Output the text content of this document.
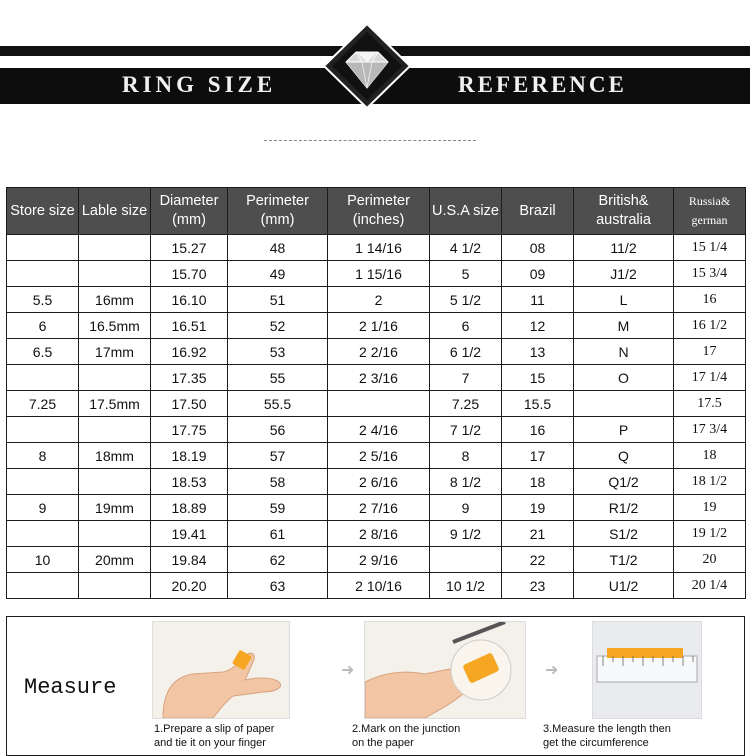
RING SIZE	REFERENCE
Store size	Lable size	Diameter (mm)	Perimeter (mm)	Perimeter (inches)	U.S.A size	Brazil	British& australia	Russia& german
		15.27	48	1 14/16	4 1/2	08	11/2	15 1/4
		15.70	49	1 15/16	5	09	J1/2	15 3/4
5.5	16mm	16.10	51	2	5 1/2	11	L	16
6	16.5mm	16.51	52	2 1/16	6	12	M	16 1/2
6.5	17mm	16.92	53	2 2/16	6 1/2	13	N	17
		17.35	55	2 3/16	7	15	O	17 1/4
7.25	17.5mm	17.50	55.5		7.25	15.5		17.5
		17.75	56	2 4/16	7 1/2	16	P	17 3/4
8	18mm	18.19	57	2 5/16	8	17	Q	18
		18.53	58	2 6/16	8 1/2	18	Q1/2	18 1/2
9	19mm	18.89	59	2 7/16	9	19	R1/2	19
		19.41	61	2 8/16	9 1/2	21	S1/2	19 1/2
10	20mm	19.84	62	2 9/16		22	T1/2	20
		20.20	63	2 10/16	10 1/2	23	U1/2	20 1/4
Measure
1.Prepare a slip of paper
and tie it on your finger
➜
2.Mark on the junction
on the paper
➜
3.Measure the length then
get the circumference
